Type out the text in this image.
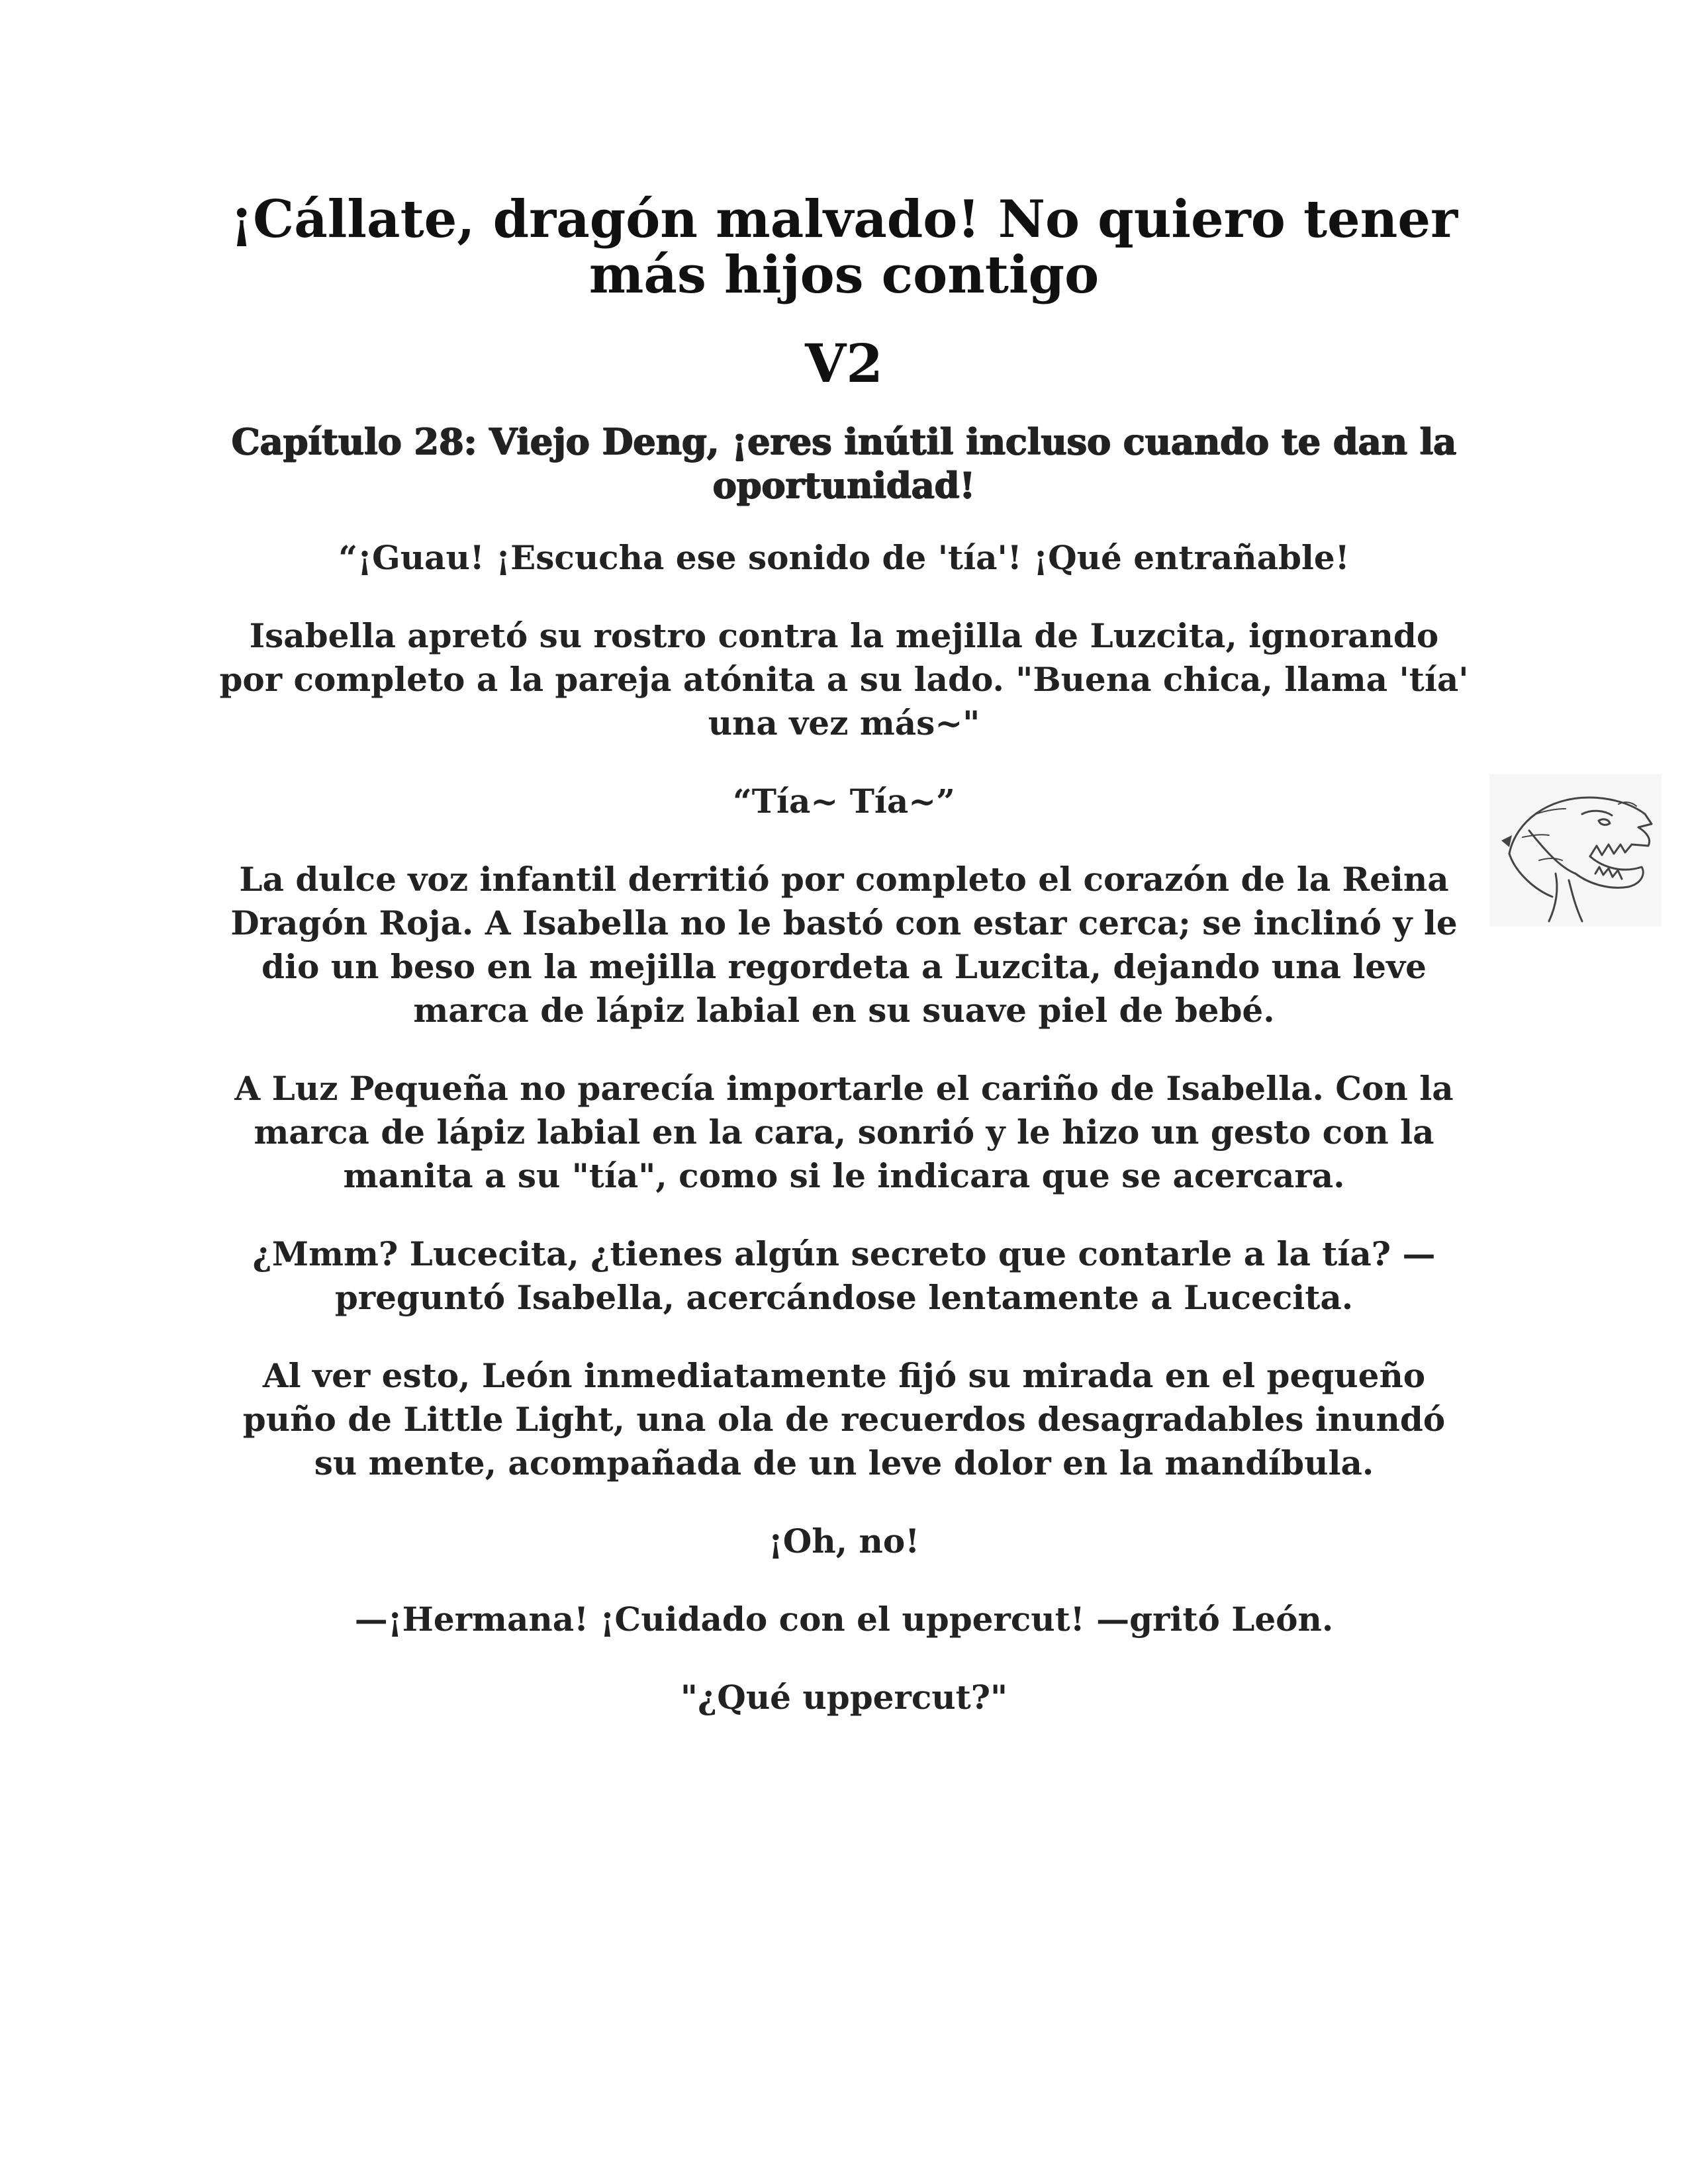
¡Cállate, dragón malvado! No quiero tener más hijos contigo
V2
Capítulo 28: Viejo Deng, ¡eres inútil incluso cuando te dan la oportunidad!

“¡Guau! ¡Escucha ese sonido de 'tía'! ¡Qué entrañable!

Isabella apretó su rostro contra la mejilla de Luzcita, ignorando por completo a la pareja atónita a su lado. "Buena chica, llama 'tía' una vez más~"

“Tía~ Tía~”

La dulce voz infantil derritió por completo el corazón de la Reina Dragón Roja. A Isabella no le bastó con estar cerca; se inclinó y le dio un beso en la mejilla regordeta a Luzcita, dejando una leve marca de lápiz labial en su suave piel de bebé.

A Luz Pequeña no parecía importarle el cariño de Isabella. Con la marca de lápiz labial en la cara, sonrió y le hizo un gesto con la manita a su "tía", como si le indicara que se acercara.

¿Mmm? Lucecita, ¿tienes algún secreto que contarle a la tía? —preguntó Isabella, acercándose lentamente a Lucecita.

Al ver esto, León inmediatamente fijó su mirada en el pequeño puño de Little Light, una ola de recuerdos desagradables inundó su mente, acompañada de un leve dolor en la mandíbula.

¡Oh, no!

—¡Hermana! ¡Cuidado con el uppercut! —gritó León.

"¿Qué uppercut?"
